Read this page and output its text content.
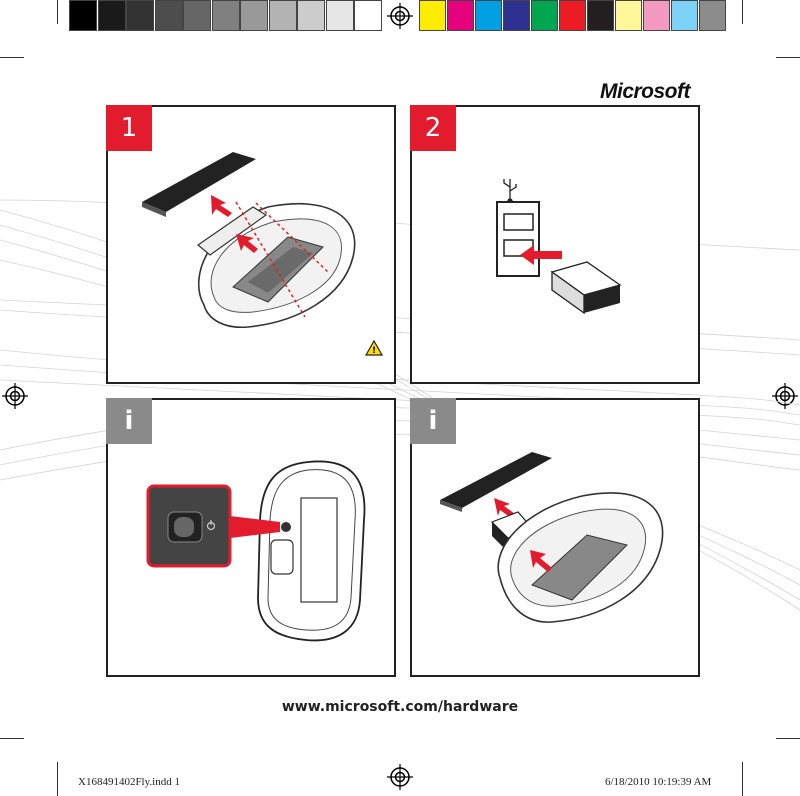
Microsoft
1
!
2
i	i
www.microsoft.com/hardware
X168491402Fly.indd 1	6/18/2010 10:19:39 AM
